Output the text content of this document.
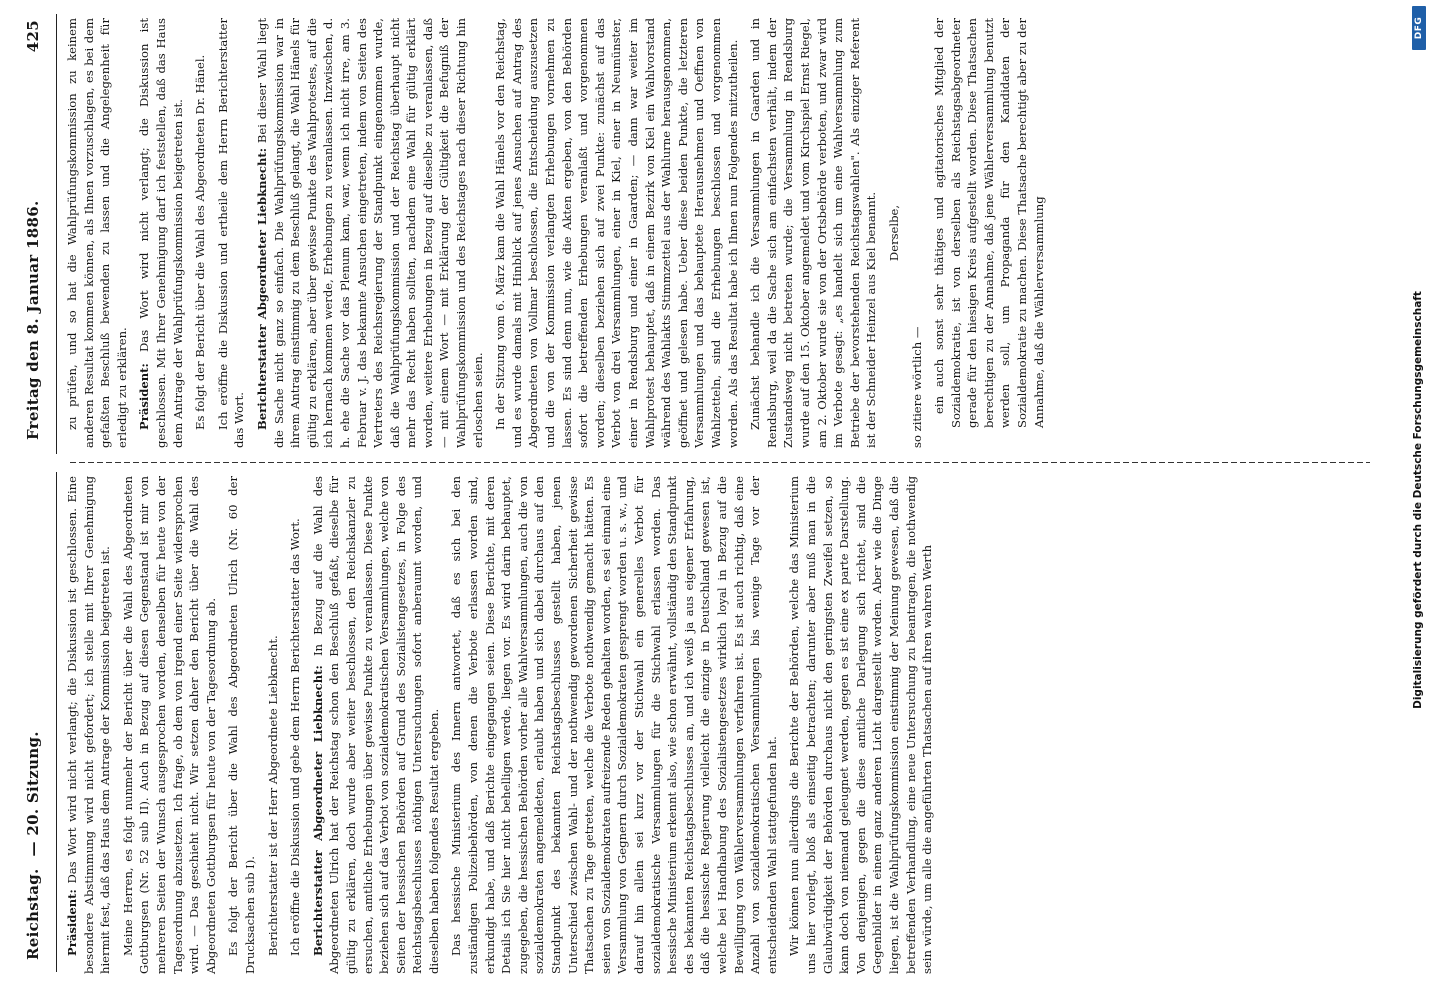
Reichstag.— 20. Sitzung.
Freitag den 8. Januar 1886.
425

Präsident: Das Wort wird nicht verlangt; die Diskussion ist geschlossen. Eine besondere Abstimmung wird nicht gefordert; ich stelle mit Ihrer Genehmigung hiermit fest, daß das Haus dem Antrage der Kommission beigetreten ist. Meine Herren, es folgt nunmehr der Bericht über die Wahl des Abgeordneten Gottburgsen (Nr. 52 sub II). Auch in Bezug auf diesen Gegenstand ist mir von mehreren Seiten der Wunsch ausgesprochen worden, denselben für heute von der Tagesordnung abzusetzen. Ich frage, ob dem von irgend einer Seite widersprochen wird. — Das geschieht nicht. Wir setzen daher den Bericht über die Wahl des Abgeordneten Gottburgsen für heute von der Tagesordnung ab. Es folgt der Bericht über die Wahl des Abgeordneten Ulrich (Nr. 60 der Drucksachen sub I). Berichterstatter ist der Herr Abgeordnete Liebknecht. Ich eröffne die Diskussion und gebe dem Herrn Berichterstatter das Wort. Berichterstatter Abgeordneter Liebknecht: In Bezug auf die Wahl des Abgeordneten Ulrich hat der Reichstag schon den Beschluß gefaßt, dieselbe für gültig zu erklären, doch wurde aber weiter beschlossen, den Reichskanzler zu ersuchen, amtliche Erhebungen über gewisse Punkte zu veranlassen. Diese Punkte beziehen sich auf das Verbot von sozialdemokratischen Versammlungen, welche von Seiten der hessischen Behörden auf Grund des Sozialistengesetzes, in Folge des Reichstagsbeschlusses nöthigen Untersuchungen sofort anberaumt worden, und dieselben haben folgendes Resultat ergeben. Das hessische Ministerium des Innern antwortet, daß es sich bei den zuständigen Polizeibehörden, von denen die Verbote erlassen worden sind, erkundigt habe, und daß Berichte eingegangen seien. Diese Berichte, mit deren Details ich Sie hier nicht behelligen werde, liegen vor. Es wird darin behauptet, zugegeben, die hessischen Behörden vorher alle Wahlversammlungen, auch die von sozialdemokraten angemeldeten, erlaubt haben und sich dabei durchaus auf den Standpunkt des bekannten Reichstagsbeschlusses gestellt haben, jenen Unterschied zwischen Wahl- und der nothwendig gewordenen Sicherheit gewisse Thatsachen zu Tage getreten, welche die Verbote nothwendig gemacht hätten. Es seien von Sozialdemokraten aufreizende Reden gehalten worden, es sei einmal eine Versammlung von Gegnern durch Sozialdemokraten gesprengt worden u. s. w., und darauf hin allein sei kurz vor der Stichwahl ein generelles Verbot für sozialdemokratische Versammlungen für die Stichwahl erlassen worden. Das hessische Ministerium erkennt also, wie schon erwähnt, vollständig den Standpunkt des bekannten Reichstagsbeschlusses an, und ich weiß ja aus eigener Erfahrung, daß die hessische Regierung vielleicht die einzige in Deutschland gewesen ist, welche bei Handhabung des Sozialistengesetzes wirklich loyal in Bezug auf die Bewilligung von Wählerversammlungen verfahren ist. Es ist auch richtig, daß eine Anzahl von sozialdemokratischen Versammlungen bis wenige Tage vor der entscheidenden Wahl stattgefunden hat. Wir können nun allerdings die Berichte der Behörden, welche das Ministerium uns hier vorlegt, bloß als einseitig betrachten; darunter aber muß man in die Glaubwürdigkeit der Behörden durchaus nicht den geringsten Zweifel setzen, so kann doch von niemand geleugnet werden, gegen es ist eine ex parte Darstellung. Von denjenigen, gegen die diese amtliche Darlegung sich richtet, sind die Gegenbilder in einem ganz anderen Licht dargestellt worden. Aber wie die Dinge liegen, ist die Wahlprüfungskommission einstimmig der Meinung gewesen, daß die betreffenden Verhandlung, eine neue Untersuchung zu beantragen, die nothwendig sein würde, um alle die angeführten Thatsachen auf ihren wahren Werth

zu prüfen, und so hat die Wahlprüfungskommission zu keinem anderen Resultat kommen können, als Ihnen vorzuschlagen, es bei dem gefaßten Beschluß bewenden zu lassen und die Angelegenheit für erledigt zu erklären. Präsident: Das Wort wird nicht verlangt; die Diskussion ist geschlossen. Mit Ihrer Genehmigung darf ich feststellen, daß das Haus dem Antrage der Wahlprüfungskommission beigetreten ist. Es folgt der Bericht über die Wahl des Abgeordneten Dr. Hänel. Ich eröffne die Diskussion und ertheile dem Herrn Berichterstatter das Wort. Berichterstatter Abgeordneter Liebknecht: Bei dieser Wahl liegt die Sache nicht ganz so einfach. Die Wahlprüfungskommission war in ihrem Antrag einstimmig zu dem Beschluß gelangt, die Wahl Hänels für gültig zu erklären, aber über gewisse Punkte des Wahlprotestes, auf die ich hernach kommen werde, Erhebungen zu veranlassen. Inzwischen, d. h. ehe die Sache vor das Plenum kam, war, wenn ich nicht irre, am 3. Februar v. J. das bekannte Ansuchen eingetreten, indem von Seiten des Vertreters des Reichsregierung der Standpunkt eingenommen wurde, daß die Wahlprüfungskommission und der Reichstag überhaupt nicht mehr das Recht haben sollten, nachdem eine Wahl für gültig erklärt worden, weitere Erhebungen in Bezug auf dieselbe zu veranlassen, daß — mit einem Wort — mit Erklärung der Gültigkeit die Befugniß der Wahlprüfungskommission und des Reichstages nach dieser Richtung hin erloschen seien. In der Sitzung vom 6. März kam die Wahl Hänels vor den Reichstag, und es wurde damals mit Hinblick auf jenes Ansuchen auf Antrag des Abgeordneten von Vollmar beschlossen, die Entscheidung auszusetzen und die von der Kommission verlangten Erhebungen vornehmen zu lassen. Es sind denn nun, wie die Akten ergeben, von den Behörden sofort die betreffenden Erhebungen veranlaßt und vorgenommen worden; dieselben beziehen sich auf zwei Punkte: zunächst auf das Verbot von drei Versammlungen, einer in Kiel, einer in Neumünster, einer in Rendsburg und einer in Gaarden; — dann war weiter im Wahlprotest behauptet, daß in einem Bezirk von Kiel ein Wahlvorstand während des Wahlakts Stimmzettel aus der Wahlurne herausgenommen, geöffnet und gelesen habe. Ueber diese beiden Punkte, die letzteren Versammlungen und das behauptete Herausnehmen und Oeffnen von Wahlzetteln, sind die Erhebungen beschlossen und vorgenommen worden. Als das Resultat habe ich Ihnen nun Folgendes mitzutheilen. Zunächst behandle ich die Versammlungen in Gaarden und in Rendsburg, weil da die Sache sich am einfachsten verhält, indem der Zustandsweg nicht betreten wurde; die Versammlung in Rendsburg wurde auf den 15. Oktober angemeldet und vom Kirchspiel Ernst Riegel, am 2. Oktober wurde sie von der Ortsbehörde verboten, und zwar wird im Verbote gesagt: „es handelt sich um eine Wahlversammlung zum Betriebe der bevorstehenden Reichstagswahlen". Als einziger Referent ist der Schneider Heinzel aus Kiel benannt. Derselbe,

so zitiere wörtlich — ein auch sonst sehr thätiges und agitatorisches Mitglied der Sozialdemokratie, ist von derselben als Reichstagsabgeordneter gerade für den hiesigen Kreis aufgestellt worden. Diese Thatsachen berechtigen zu der Annahme, daß jene Wählerversammlung benutzt werden soll, um Propaganda für den Kandidaten der Sozialdemokratie zu machen. Diese Thatsache berechtigt aber zu der Annahme, daß die Wählerversammlung	Digitalisierung gefördert durch die Deutsche Forschungsgemeinschaft
DFG
